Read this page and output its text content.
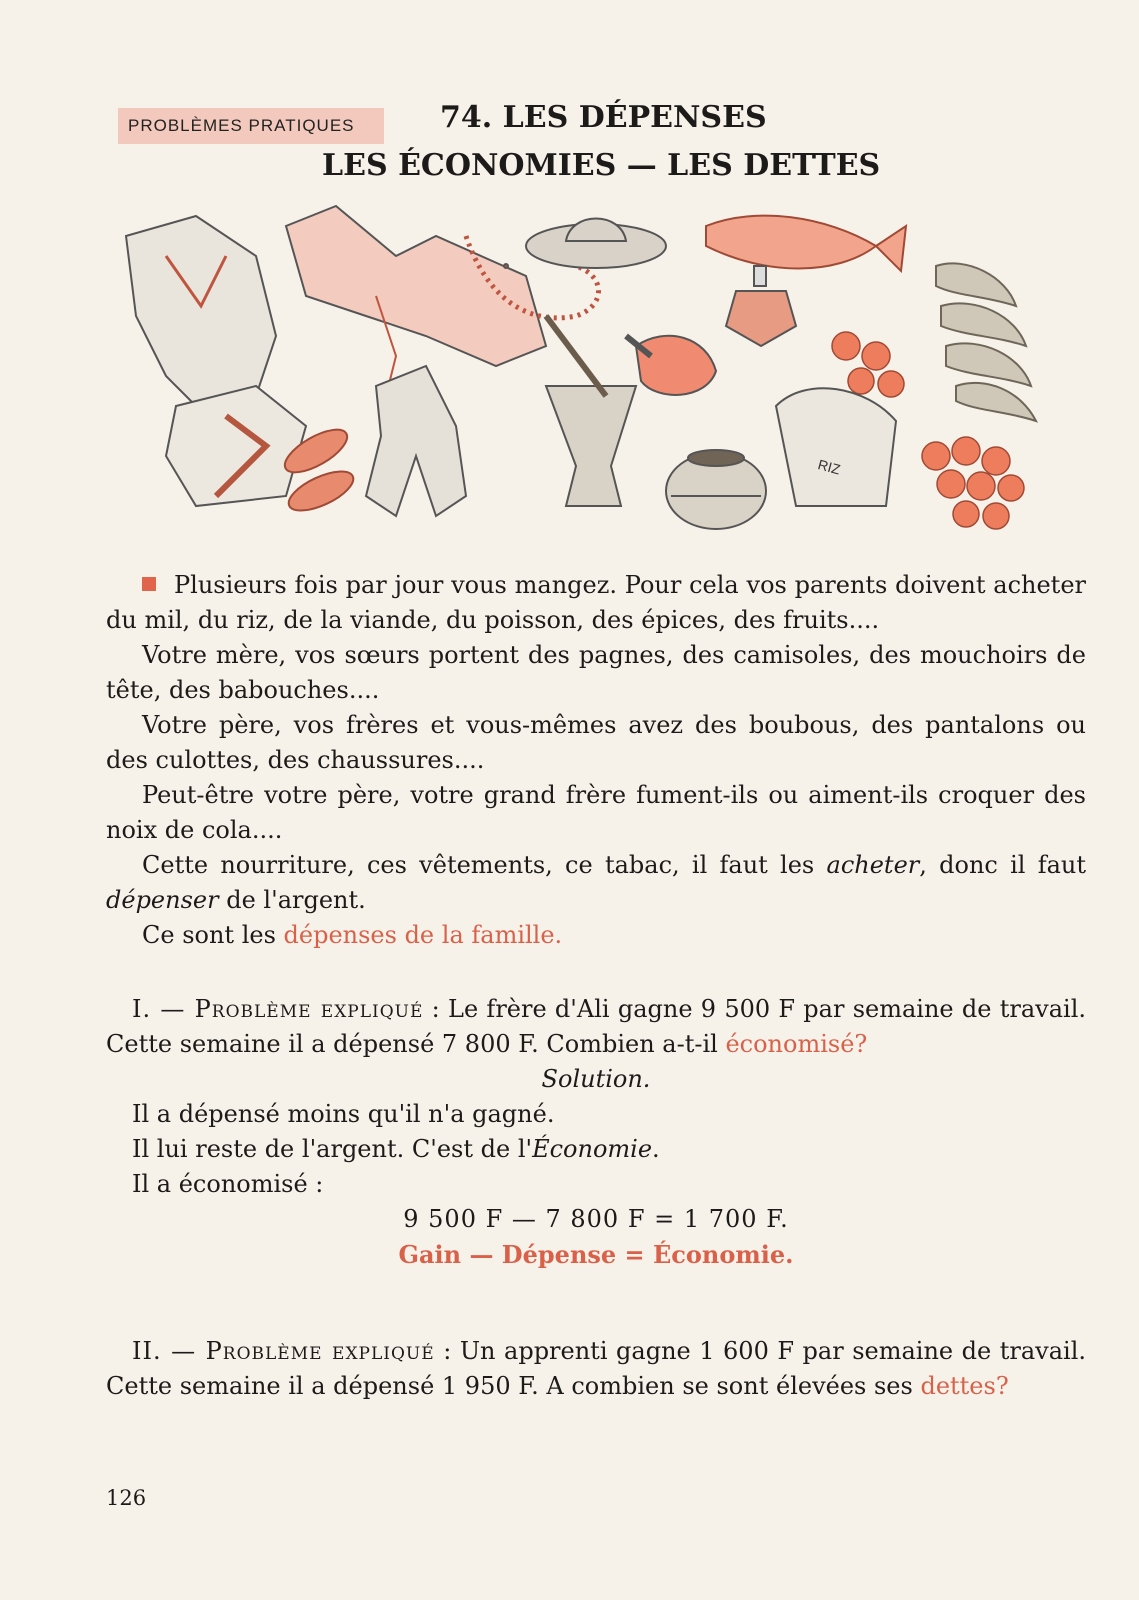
PROBLÈMES PRATIQUES	74. LES DÉPENSES
LES ÉCONOMIES — LES DETTES
RIZ

Plusieurs fois par jour vous mangez. Pour cela vos parents doivent acheter du mil, du riz, de la viande, du poisson, des épices, des fruits....

Votre mère, vos sœurs portent des pagnes, des camisoles, des mouchoirs de tête, des babouches....

Votre père, vos frères et vous-mêmes avez des boubous, des pantalons ou des culottes, des chaussures....

Peut-être votre père, votre grand frère fument-ils ou aiment-ils croquer des noix de cola....

Cette nourriture, ces vêtements, ce tabac, il faut les acheter, donc il faut dépenser de l'argent.

Ce sont les dépenses de la famille.

I. — Problème expliqué : Le frère d'Ali gagne 9 500 F par semaine de travail. Cette semaine il a dépensé 7 800 F. Combien a-t-il économisé?

Solution.

Il a dépensé moins qu'il n'a gagné.

Il lui reste de l'argent. C'est de l'Économie.

Il a économisé :

9 500 F — 7 800 F = 1 700 F.

Gain — Dépense = Économie.

II. — Problème expliqué : Un apprenti gagne 1 600 F par semaine de travail. Cette semaine il a dépensé 1 950 F. A combien se sont élevées ses dettes?

126
